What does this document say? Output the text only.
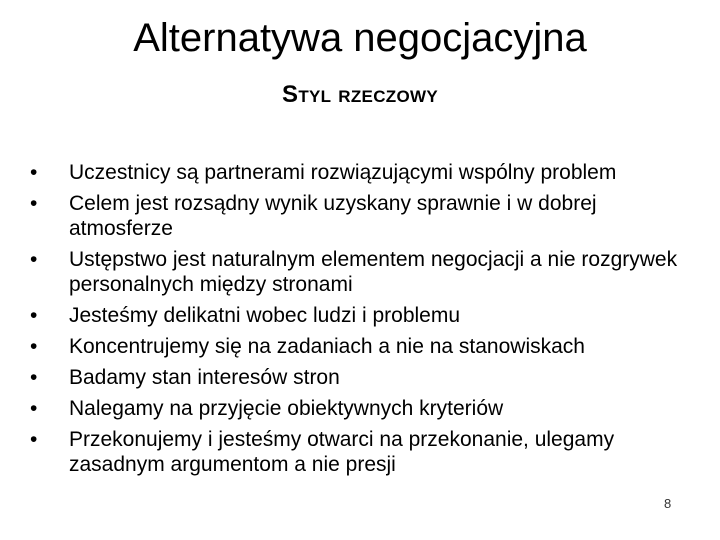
Alternatywa negocjacyjna
Styl rzeczowy
•	Uczestnicy są partnerami rozwiązującymi wspólny problem
•	Celem jest rozsądny wynik uzyskany sprawnie i w dobrej atmosferze
•	Ustępstwo jest naturalnym elementem negocjacji a nie rozgrywek personalnych między stronami
•	Jesteśmy delikatni wobec ludzi i problemu
•	Koncentrujemy się na zadaniach a nie na stanowiskach
•	Badamy stan interesów stron
•	Nalegamy na przyjęcie obiektywnych kryteriów
•	Przekonujemy i jesteśmy otwarci na przekonanie, ulegamy zasadnym argumentom a nie presji
8
